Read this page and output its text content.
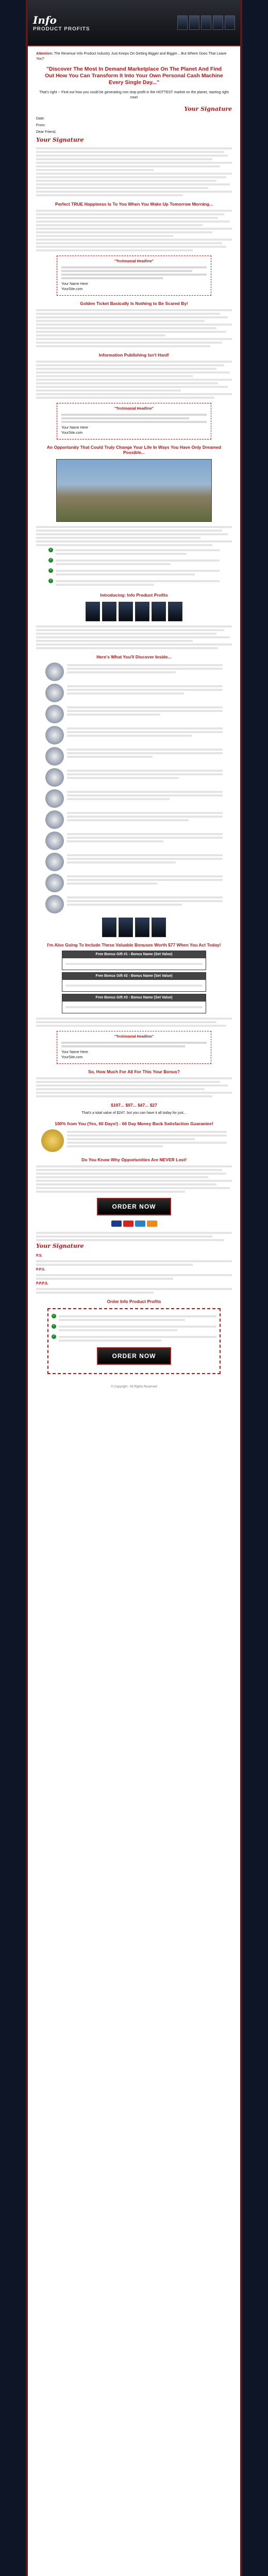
Info
PRODUCT PROFITS
Attention: The Revenue Info Product Industry Just Keeps On Getting Bigger and Bigger... But Where Does That Leave You?
"Discover The Most In Demand Marketplace On The Planet And Find Out How You Can Transform It Into Your Own Personal Cash Machine Every Single Day..."
That's right -- Find out how you could be generating non stop profit in the HOTTEST market on the planet, starting right now!
Your Signature
Date:
From:
Dear Friend,
Your Signature
Perfect TRUE Happiness Is To You When You Wake Up Tomorrow Morning...
"Testimonial Headline"
Your Name Here
YourSite.com
Golden Ticket Basically Is Nothing to Be Scared By!
Information Publishing Isn't Hard!
"Testimonial Headline"
Your Name Here
YourSite.com
An Opportunity That Could Truly Change Your Life In Ways You Have Only Dreamed Possible...
✓
✓
✓
✓
Introducing: Info Product Profits
Here's What You'll Discover Inside...
I'm Also Going To Include These Valuable Bonuses Worth $77 When You Act Today!
Free Bonus Gift #1 - Bonus Name (Set Value)
Free Bonus Gift #2 - Bonus Name (Set Value)
Free Bonus Gift #3 - Bonus Name (Set Value)
"Testimonial Headline"
Your Name Here
YourSite.com
So, How Much For All For This Your Bonus?
$197... $97... $47... $27
That's a total value of $247, but you can have it all today for just...
100% from You (Yes, 60 Days!) - 60 Day Money Back Satisfaction Guarantee!
Do You Know Why Opportunities Are NEVER Lost!
ORDER NOW
Your Signature
P.S.
P.P.S.
P.P.P.S.
Order Info Product Profits
✓
✓
✓
ORDER NOW
© Copyright - All Rights Reserved
